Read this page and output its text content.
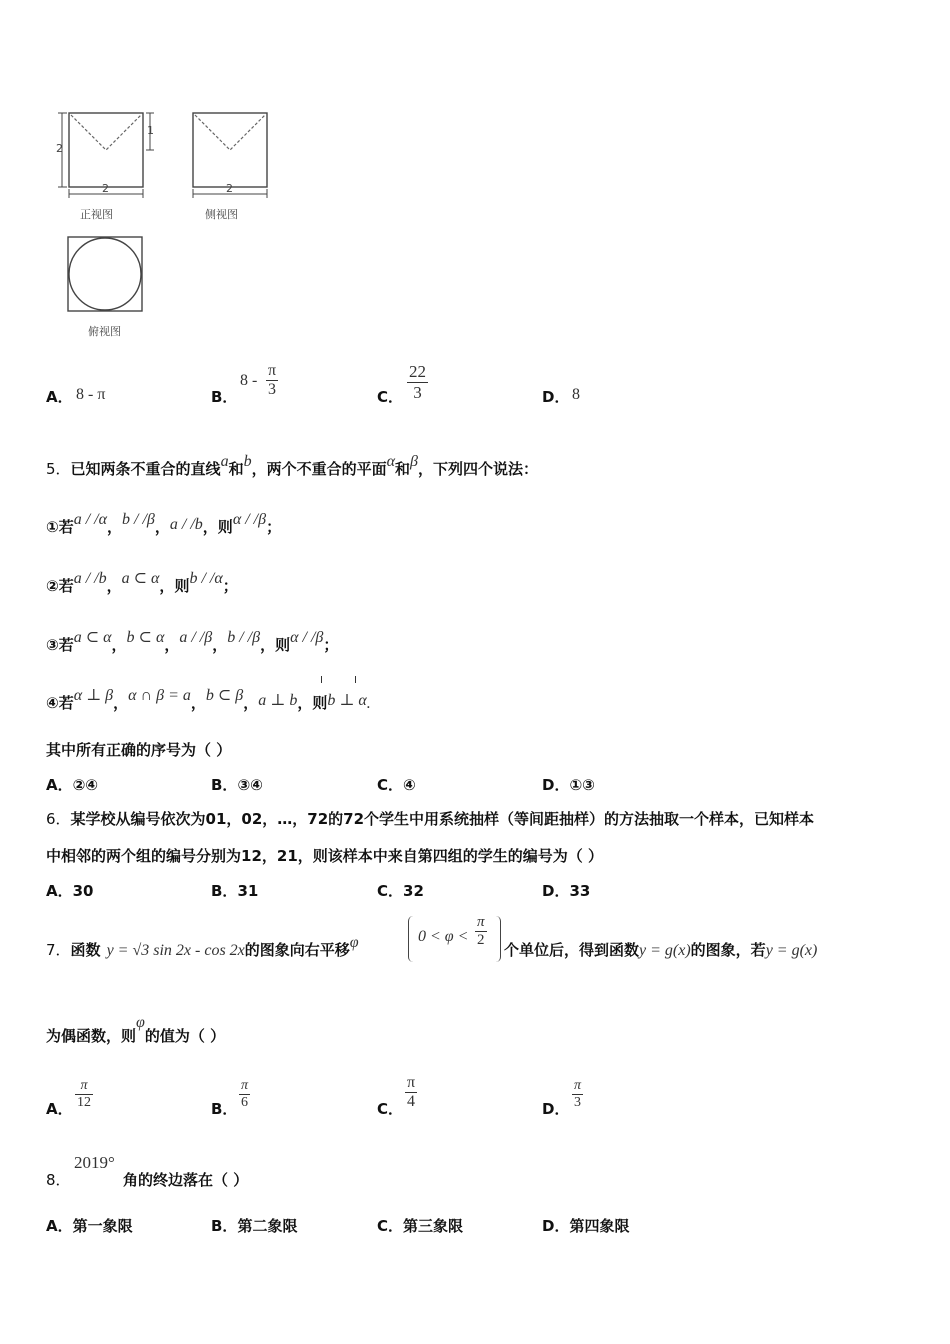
2
2	2
1
正视图	侧视图
俯视图
A． 8 - π	B．
$8 - \frac{\pi}{3}$	C． $\frac{22}{3}$	D． 8
5．已知两条不重合的直线a和b，两个不重合的平面α和β，下列四个说法：
①若a / /α，b / /β，a / /b，则α / /β；
②若a / /b，a ⊂ α，则b / /α；
③若a ⊂ α，b ⊂ α，a / /β，b / /β，则α / /β；
④若α ⊥ β，α ∩ β = a，b ⊂ β，a ⊥ b，则b ⊥ α.
其中所有正确的序号为（ ）
A．②④	B．③④	C．④	D．①③
6．某学校从编号依次为01，02，…，72的72个学生中用系统抽样（等间距抽样）的方法抽取一个样本，已知样本
中相邻的两个组的编号分别为12，21，则该样本中来自第四组的学生的编号为（ ）
A．30	B．31	C．32	D．33
7．函数 y = √3 sin 2x - cos 2x的图象向右平移φ	$0 < \varphi < \frac{\pi}{2}$
个单位后，得到函数y = g(x)的图象，若y = g(x)
为偶函数，则φ的值为（ ）
A． $\frac{\pi}{12}$	B． $\frac{\pi}{6}$	C． $\frac{\pi}{4}$	D． $\frac{\pi}{3}$
8．
2019°
角的终边落在（ ）
A．第一象限	B．第二象限	C．第三象限	D．第四象限
